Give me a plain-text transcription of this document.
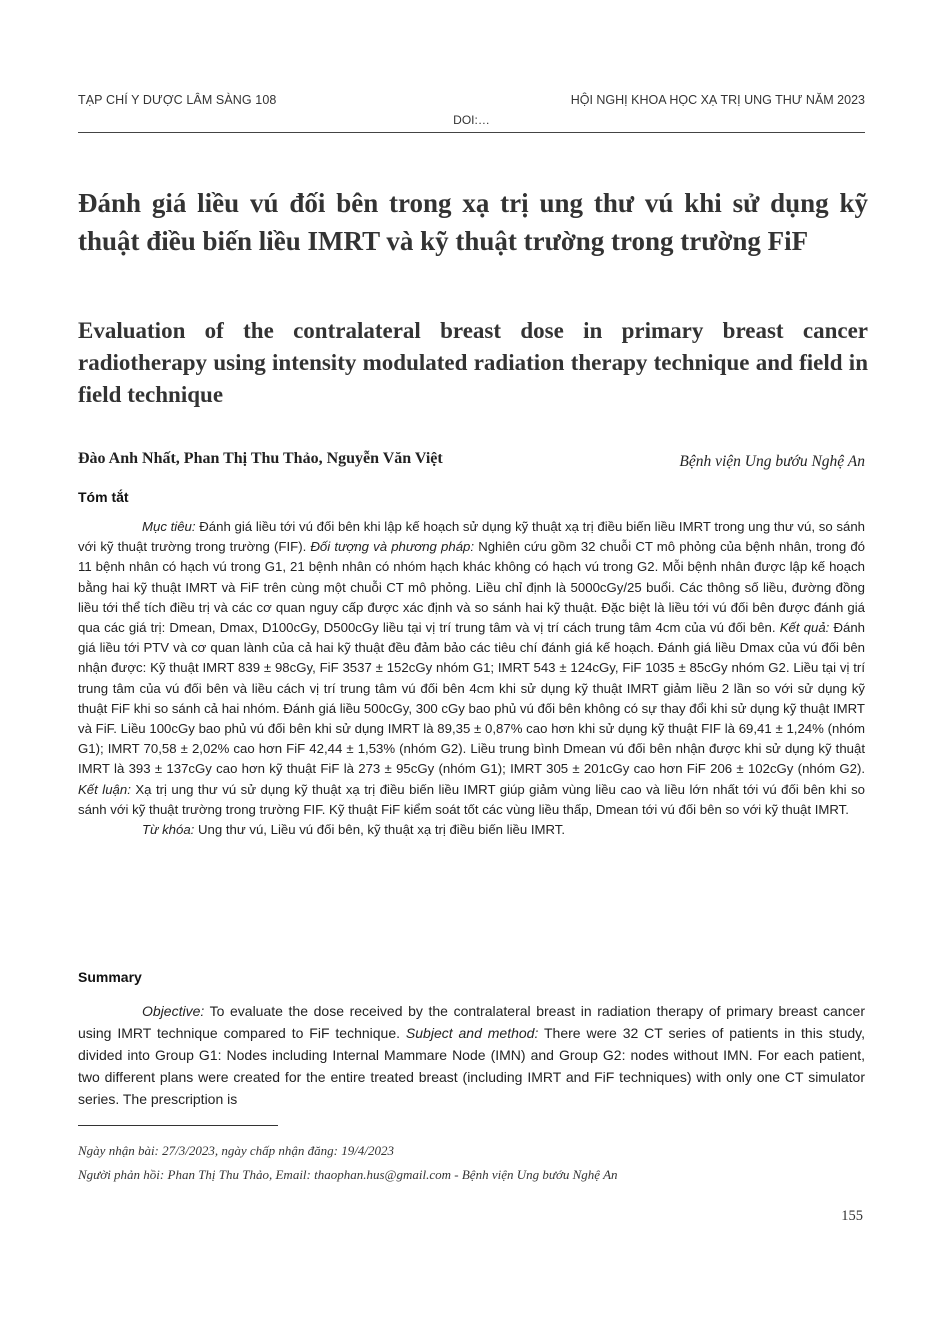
TẠP CHÍ Y DƯỢC LÂM SÀNG 108	HỘI NGHỊ KHOA HỌC XẠ TRỊ UNG THƯ NĂM 2023
DOI:…
Đánh giá liều vú đối bên trong xạ trị ung thư vú khi sử dụng kỹ thuật điều biến liều IMRT và kỹ thuật trường trong trường FiF
Evaluation of the contralateral breast dose in primary breast cancer radiotherapy using intensity modulated radiation therapy technique and field in field technique
Đào Anh Nhất, Phan Thị Thu Thảo, Nguyễn Văn Việt	Bệnh viện Ung bướu Nghệ An
Tóm tắt

Mục tiêu: Đánh giá liều tới vú đối bên khi lập kế hoạch sử dụng kỹ thuật xạ trị điều biến liều IMRT trong ung thư vú, so sánh với kỹ thuật trường trong trường (FIF). Đối tượng và phương pháp: Nghiên cứu gồm 32 chuỗi CT mô phỏng của bệnh nhân, trong đó 11 bệnh nhân có hạch vú trong G1, 21 bệnh nhân có nhóm hạch khác không có hạch vú trong G2. Mỗi bệnh nhân được lập kế hoạch bằng hai kỹ thuật IMRT và FiF trên cùng một chuỗi CT mô phỏng. Liều chỉ định là 5000cGy/25 buổi. Các thông số liều, đường đồng liều tới thể tích điều trị và các cơ quan nguy cấp được xác định và so sánh hai kỹ thuật. Đặc biệt là liều tới vú đối bên được đánh giá qua các giá trị: Dmean, Dmax, D100cGy, D500cGy liều tại vị trí trung tâm và vị trí cách trung tâm 4cm của vú đối bên. Kết quả: Đánh giá liều tới PTV và cơ quan lành của cả hai kỹ thuật đều đảm bảo các tiêu chí đánh giá kế hoạch. Đánh giá liều Dmax của vú đối bên nhận được: Kỹ thuật IMRT 839 ± 98cGy, FiF 3537 ± 152cGy nhóm G1; IMRT 543 ± 124cGy, FiF 1035 ± 85cGy nhóm G2. Liều tại vị trí trung tâm của vú đối bên và liều cách vị trí trung tâm vú đối bên 4cm khi sử dụng kỹ thuật IMRT giảm liều 2 lần so với sử dụng kỹ thuật FiF khi so sánh cả hai nhóm. Đánh giá liều 500cGy, 300 cGy bao phủ vú đối bên không có sự thay đổi khi sử dụng kỹ thuật IMRT và FiF. Liều 100cGy bao phủ vú đối bên khi sử dụng IMRT là 89,35 ± 0,87% cao hơn khi sử dụng kỹ thuật FIF là 69,41 ± 1,24% (nhóm G1); IMRT 70,58 ± 2,02% cao hơn FiF 42,44 ± 1,53% (nhóm G2). Liều trung bình Dmean vú đối bên nhận được khi sử dụng kỹ thuật IMRT là 393 ± 137cGy cao hơn kỹ thuật FiF là 273 ± 95cGy (nhóm G1); IMRT 305 ± 201cGy cao hơn FiF 206 ± 102cGy (nhóm G2). Kết luận: Xạ trị ung thư vú sử dụng kỹ thuật xạ trị điều biến liều IMRT giúp giảm vùng liều cao và liều lớn nhất tới vú đối bên khi so sánh với kỹ thuật trường trong trường FIF. Kỹ thuật FiF kiểm soát tốt các vùng liều thấp, Dmean tới vú đối bên so với kỹ thuật IMRT.

Từ khóa: Ung thư vú, Liều vú đối bên, kỹ thuật xạ trị điều biến liều IMRT.

Summary

Objective: To evaluate the dose received by the contralateral breast in radiation therapy of primary breast cancer using IMRT technique compared to FiF technique. Subject and method: There were 32 CT series of patients in this study, divided into Group G1: Nodes including Internal Mammare Node (IMN) and Group G2: nodes without IMN. For each patient, two different plans were created for the entire treated breast (including IMRT and FiF techniques) with only one CT simulator series. The prescription is

Ngày nhận bài: 27/3/2023, ngày chấp nhận đăng: 19/4/2023

Người phản hồi: Phan Thị Thu Thảo, Email: thaophan.hus@gmail.com - Bệnh viện Ung bướu Nghệ An

155
